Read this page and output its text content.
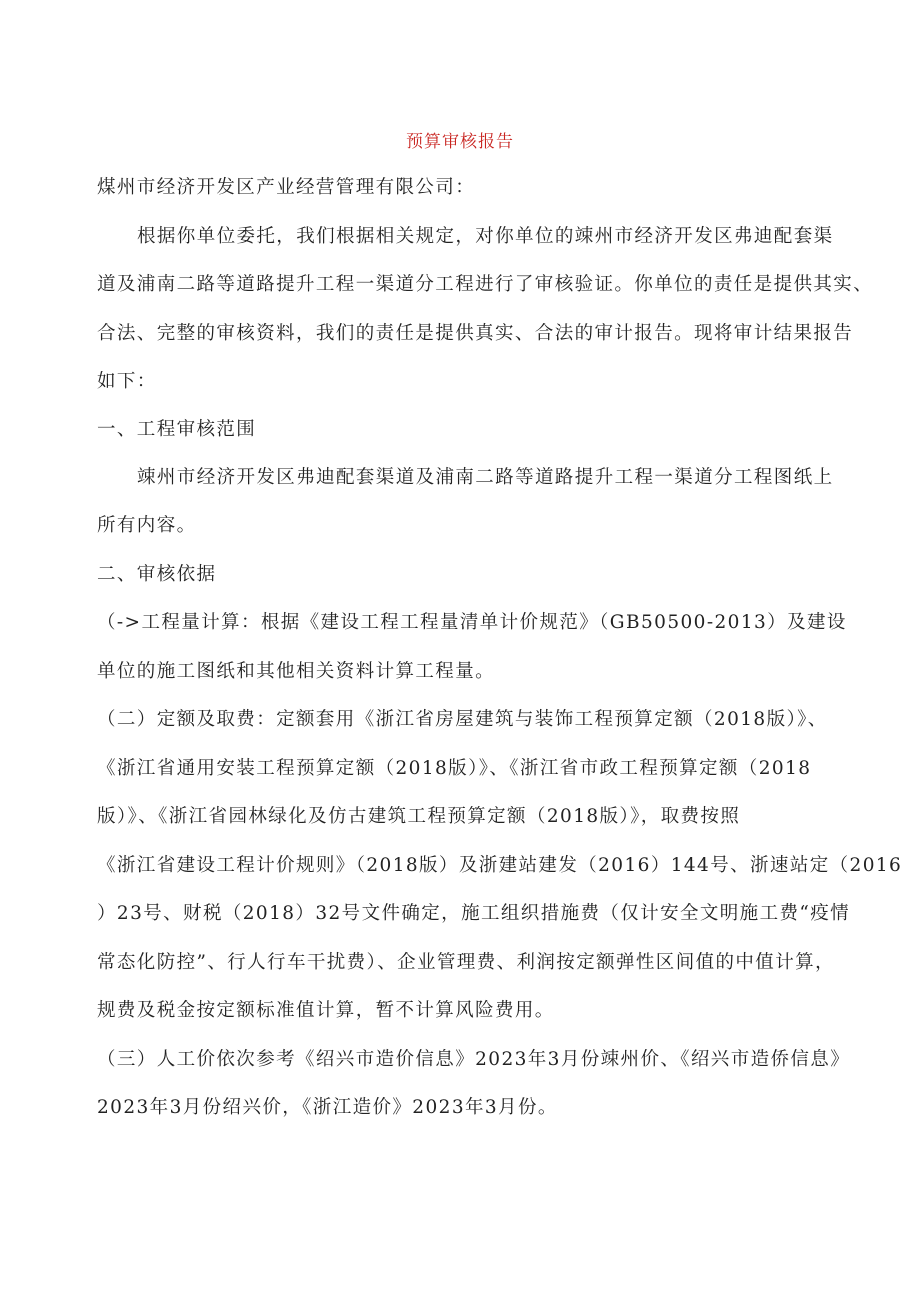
预算审核报告
煤州市经济开发区产业经营管理有限公司：
根据你单位委托，我们根据相关规定，对你单位的竦州市经济开发区弗迪配套渠
道及浦南二路等道路提升工程一渠道分工程进行了审核验证。你单位的责任是提供其实、
合法、完整的审核资料，我们的责任是提供真实、合法的审计报告。现将审计结果报告
如下：
一、工程审核范围
竦州市经济开发区弗迪配套渠道及浦南二路等道路提升工程一渠道分工程图纸上
所有内容。
二、审核依据
（->工程量计算：根据《建设工程工程量清单计价规范》（GB50500-2013）及建设
单位的施工图纸和其他相关资料计算工程量。
（二）定额及取费：定额套用《浙江省房屋建筑与装饰工程预算定额（2018版）》、
《浙江省通用安装工程预算定额（2018版）》、《浙江省市政工程预算定额（2018
版）》、《浙江省园林绿化及仿古建筑工程预算定额（2018版）》，取费按照
《浙江省建设工程计价规则》（2018版）及浙建站建发（2016）144号、浙速站定（2016
）23号、财税（2018）32号文件确定，施工组织措施费（仅计安全文明施工费“疫情
常态化防控”、行人行车干扰费）、企业管理费、利润按定额弹性区间值的中值计算，
规费及税金按定额标准值计算，暂不计算风险费用。
（三）人工价依次参考《绍兴市造价信息》2023年3月份竦州价、《绍兴市造侨信息》
2023年3月份绍兴价，《浙江造价》2023年3月份。
